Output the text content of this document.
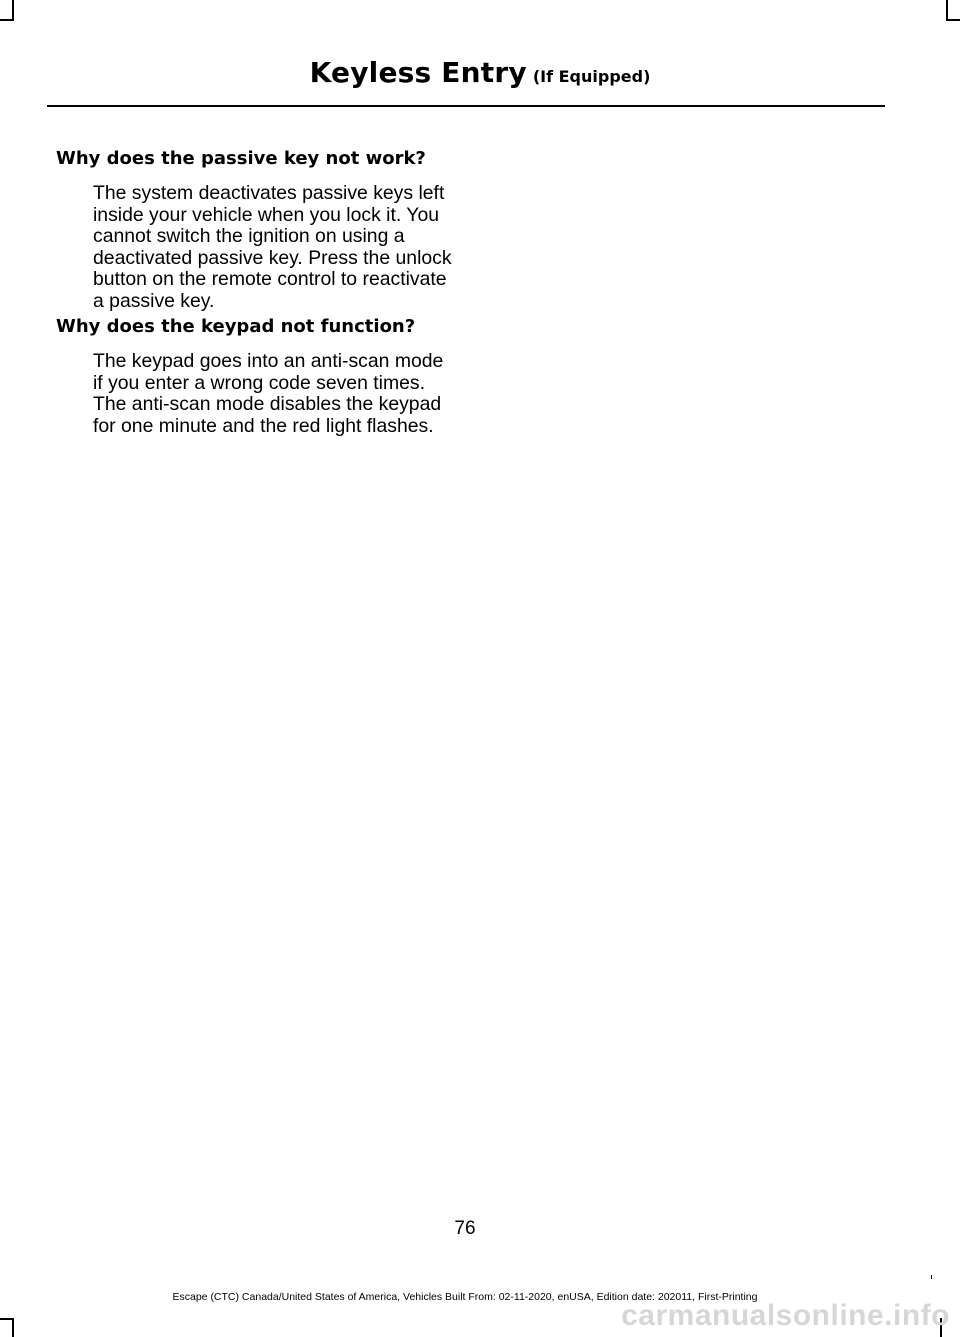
Keyless Entry (If Equipped)

Why does the passive key not work?

The system deactivates passive keys left inside your vehicle when you lock it. You cannot switch the ignition on using a deactivated passive key. Press the unlock button on the remote control to reactivate a passive key.

Why does the keypad not function?

The keypad goes into an anti-scan mode if you enter a wrong code seven times. The anti-scan mode disables the keypad for one minute and the red light flashes.

76
Escape (CTC) Canada/United States of America, Vehicles Built From: 02-11-2020, enUSA, Edition date: 202011, First-Printing
carmanualsonline.info
